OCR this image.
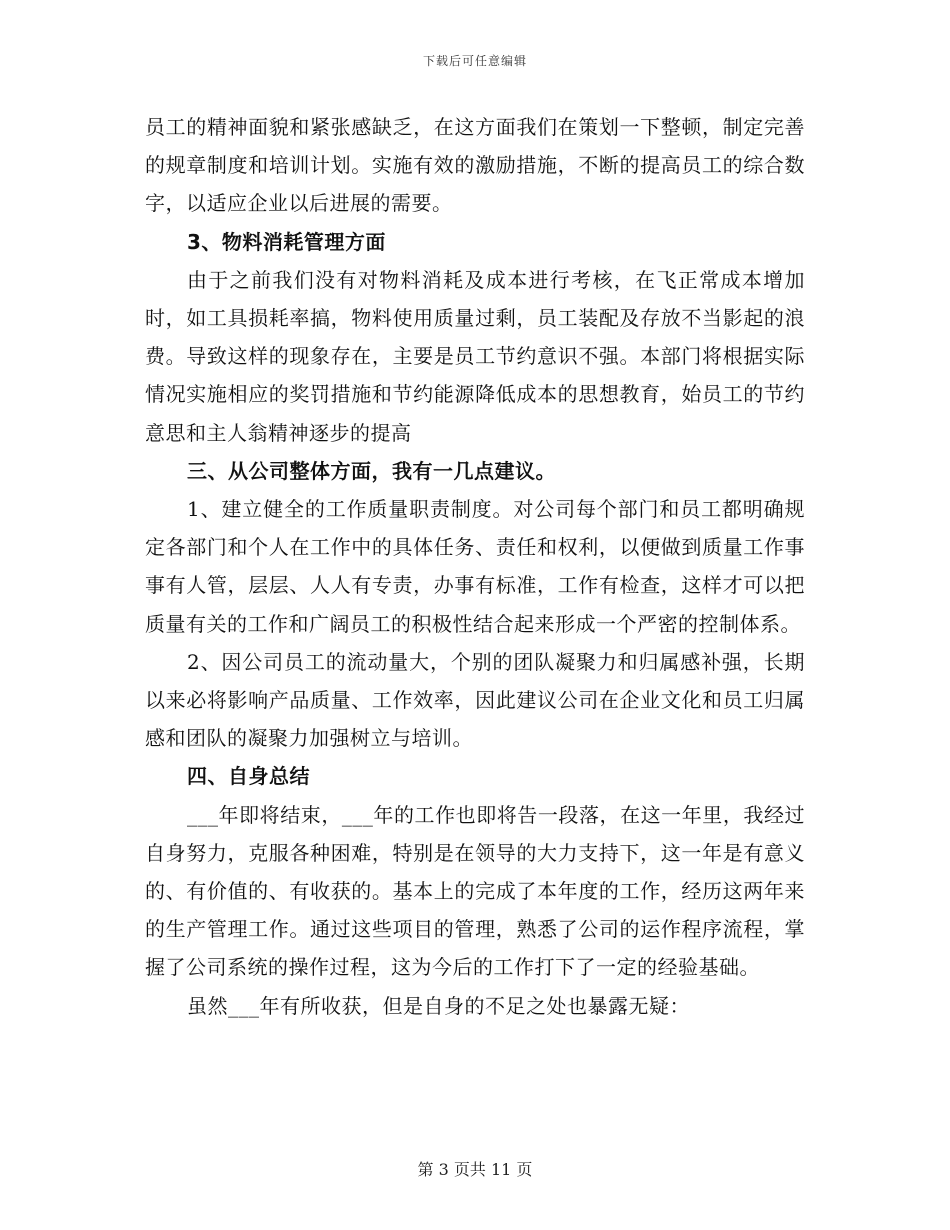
下载后可任意编辑

员工的精神面貌和紧张感缺乏，在这方面我们在策划一下整顿，制定完善的规章制度和培训计划。实施有效的激励措施，不断的提高员工的综合数字，以适应企业以后进展的需要。

3、物料消耗管理方面

由于之前我们没有对物料消耗及成本进行考核，在飞正常成本增加时，如工具损耗率搞，物料使用质量过剩，员工装配及存放不当影起的浪费。导致这样的现象存在，主要是员工节约意识不强。本部门将根据实际情况实施相应的奖罚措施和节约能源降低成本的思想教育，始员工的节约意思和主人翁精神逐步的提高

三、从公司整体方面，我有一几点建议。

1、建立健全的工作质量职责制度。对公司每个部门和员工都明确规定各部门和个人在工作中的具体任务、责任和权利，以便做到质量工作事事有人管，层层、人人有专责，办事有标准，工作有检查，这样才可以把质量有关的工作和广阔员工的积极性结合起来形成一个严密的控制体系。

2、因公司员工的流动量大，个别的团队凝聚力和归属感补强，长期以来必将影响产品质量、工作效率，因此建议公司在企业文化和员工归属感和团队的凝聚力加强树立与培训。

四、自身总结

___年即将结束，___年的工作也即将告一段落，在这一年里，我经过自身努力，克服各种困难，特别是在领导的大力支持下，这一年是有意义的、有价值的、有收获的。基本上的完成了本年度的工作，经历这两年来的生产管理工作。通过这些项目的管理，熟悉了公司的运作程序流程，掌握了公司系统的操作过程，这为今后的工作打下了一定的经验基础。

虽然___年有所收获，但是自身的不足之处也暴露无疑：

第 3 页共 11 页
